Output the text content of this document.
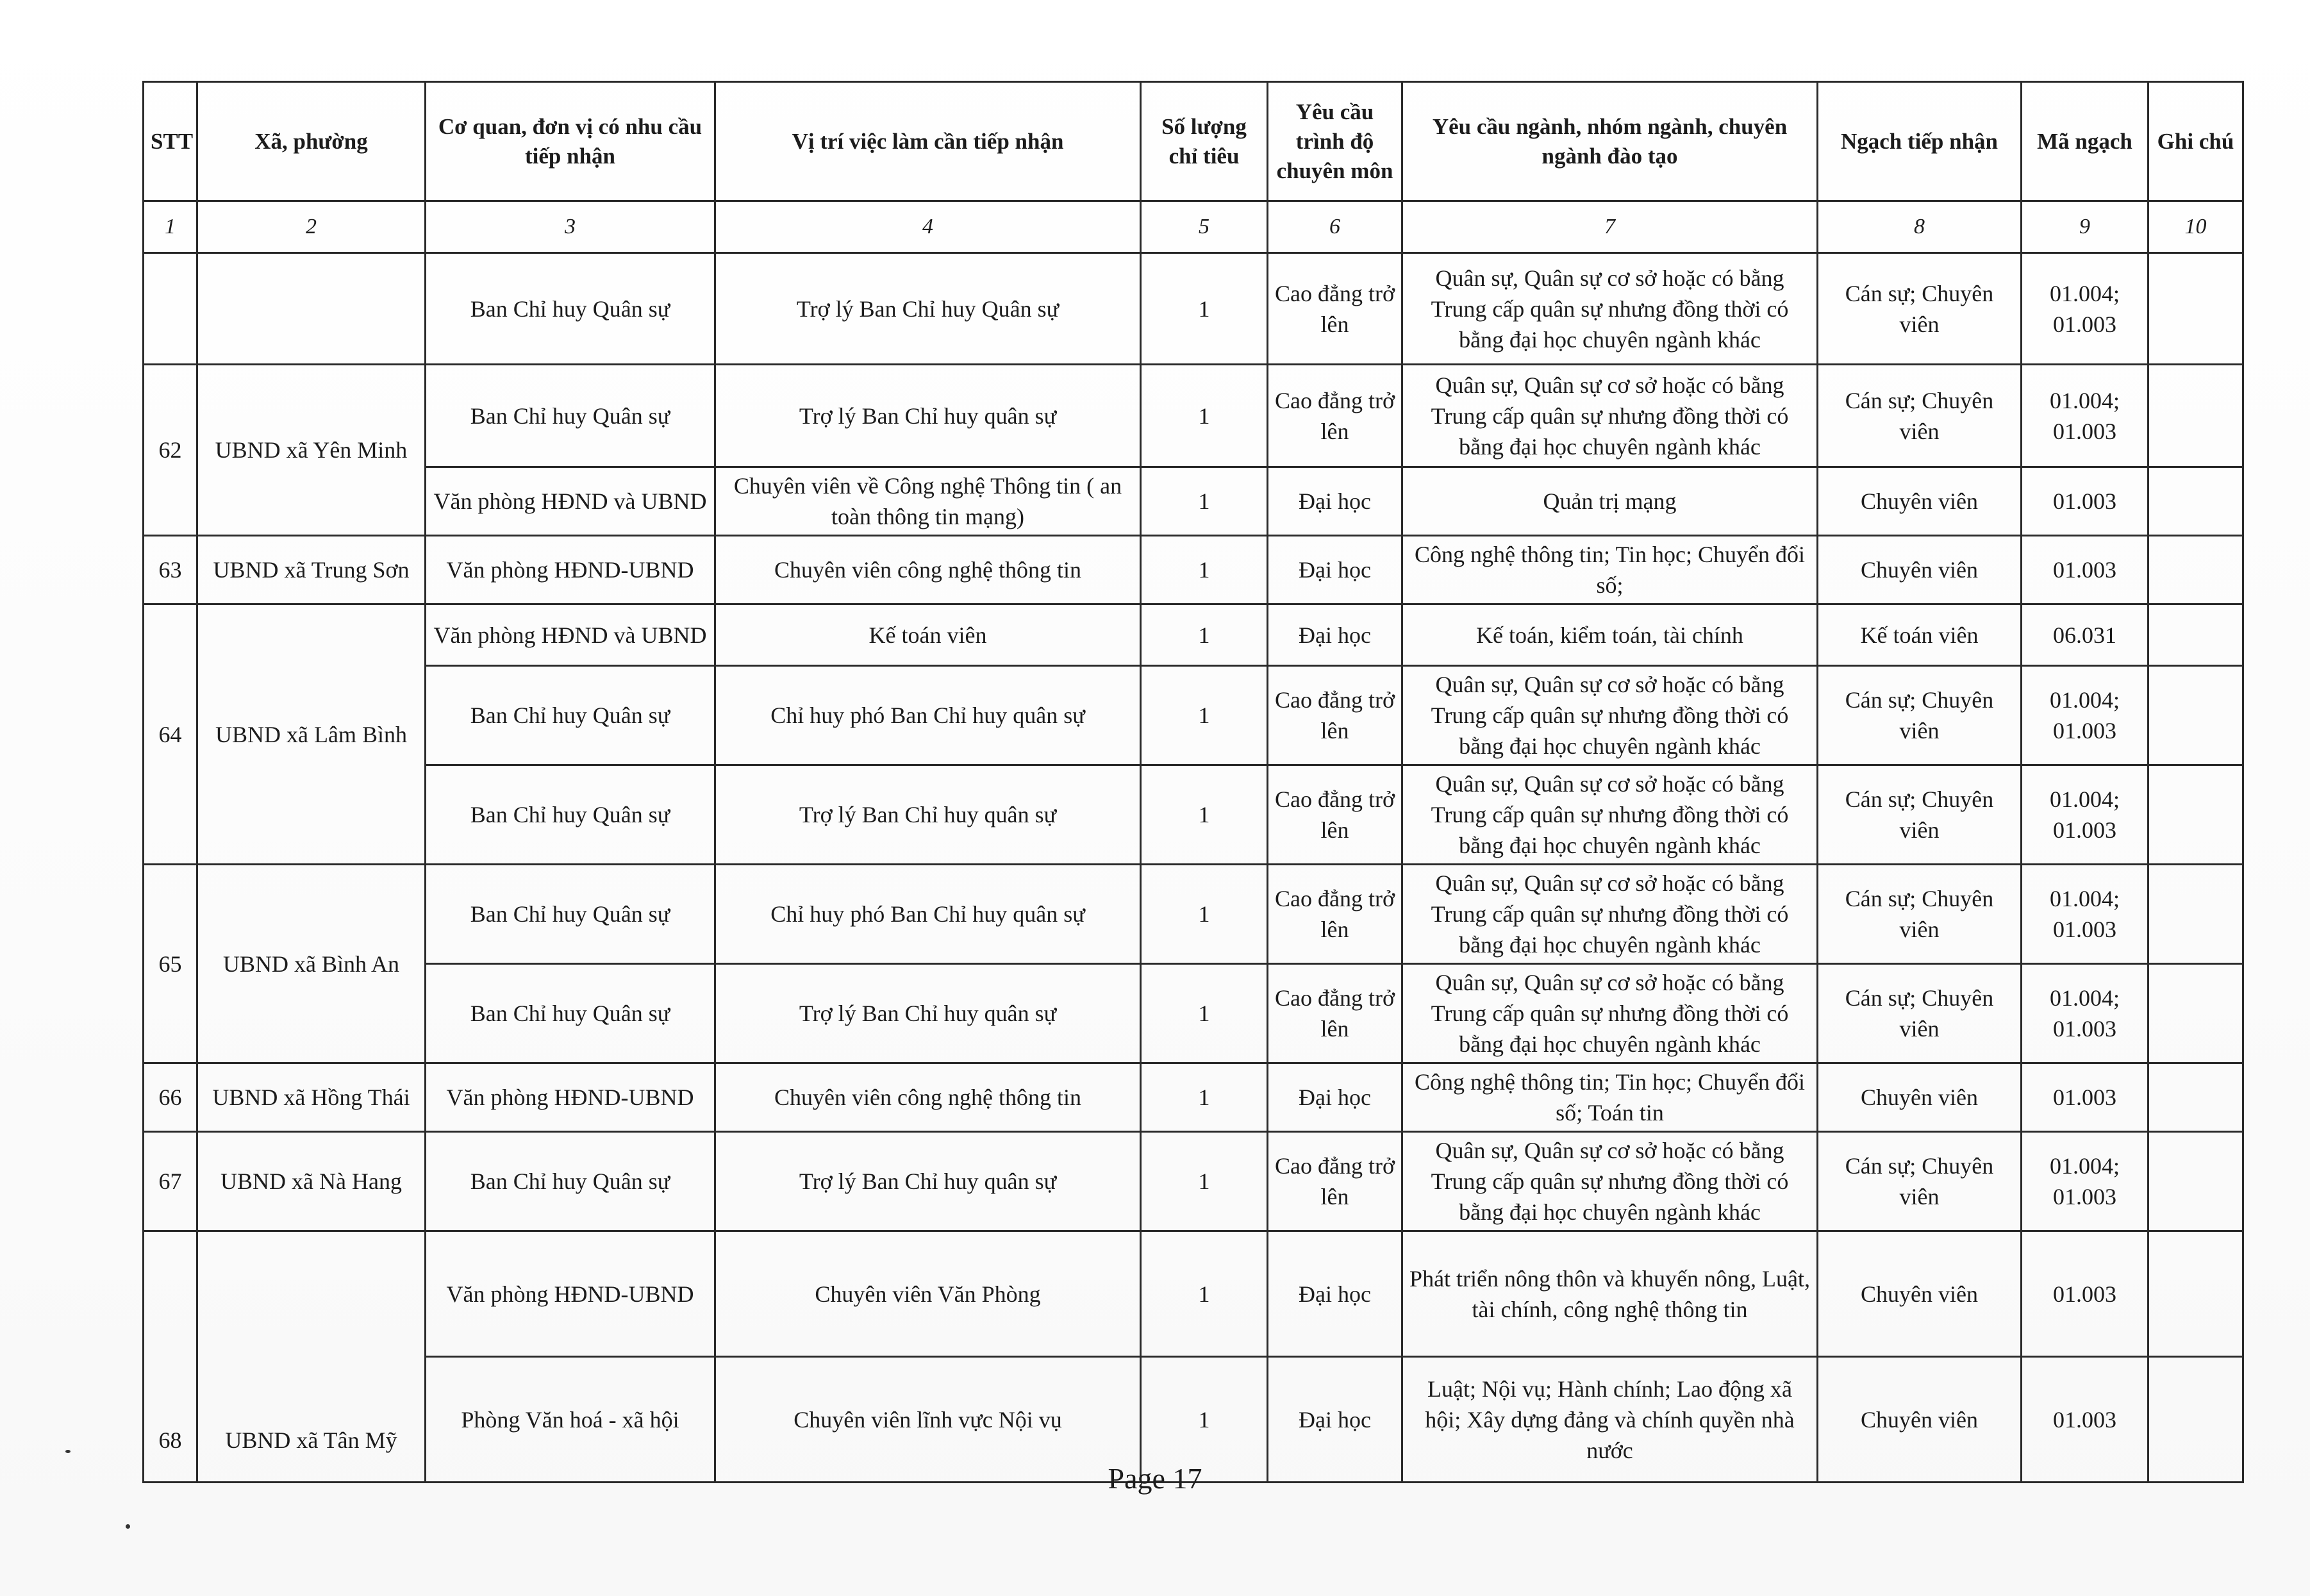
STT	Xã, phường	Cơ quan, đơn vị có nhu cầu tiếp nhận	Vị trí việc làm cần tiếp nhận	Số lượng chỉ tiêu	Yêu cầu trình độ chuyên môn	Yêu cầu ngành, nhóm ngành, chuyên ngành đào tạo	Ngạch tiếp nhận	Mã ngạch	Ghi chú
1	2	3	4	5	6	7	8	9	10
		Ban Chỉ huy Quân sự	Trợ lý Ban Chỉ huy Quân sự	1	Cao đẳng trở lên	Quân sự, Quân sự cơ sở hoặc có bằng Trung cấp quân sự nhưng đồng thời có bằng đại học chuyên ngành khác	Cán sự; Chuyên viên	01.004; 01.003	
62	UBND xã Yên Minh	Ban Chỉ huy Quân sự	Trợ lý Ban Chỉ huy quân sự	1	Cao đẳng trở lên	Quân sự, Quân sự cơ sở hoặc có bằng Trung cấp quân sự nhưng đồng thời có bằng đại học chuyên ngành khác	Cán sự; Chuyên viên	01.004; 01.003	
		Văn phòng HĐND và UBND	Chuyên viên về Công nghệ Thông tin ( an toàn thông tin mạng)	1	Đại học	Quản trị mạng	Chuyên viên	01.003	
63	UBND xã Trung Sơn	Văn phòng HĐND-UBND	Chuyên viên công nghệ thông tin	1	Đại học	Công nghệ thông tin; Tin học; Chuyển đổi số;	Chuyên viên	01.003	
64	UBND xã Lâm Bình	Văn phòng HĐND và UBND	Kế toán viên	1	Đại học	Kế toán, kiểm toán, tài chính	Kế toán viên	06.031	
		Ban Chỉ huy Quân sự	Chỉ huy phó Ban Chỉ huy quân sự	1	Cao đẳng trở lên	Quân sự, Quân sự cơ sở hoặc có bằng Trung cấp quân sự nhưng đồng thời có bằng đại học chuyên ngành khác	Cán sự; Chuyên viên	01.004; 01.003	
		Ban Chỉ huy Quân sự	Trợ lý Ban Chỉ huy quân sự	1	Cao đẳng trở lên	Quân sự, Quân sự cơ sở hoặc có bằng Trung cấp quân sự nhưng đồng thời có bằng đại học chuyên ngành khác	Cán sự; Chuyên viên	01.004; 01.003	
65	UBND xã Bình An	Ban Chỉ huy Quân sự	Chỉ huy phó Ban Chỉ huy quân sự	1	Cao đẳng trở lên	Quân sự, Quân sự cơ sở hoặc có bằng Trung cấp quân sự nhưng đồng thời có bằng đại học chuyên ngành khác	Cán sự; Chuyên viên	01.004; 01.003	
		Ban Chỉ huy Quân sự	Trợ lý Ban Chỉ huy quân sự	1	Cao đẳng trở lên	Quân sự, Quân sự cơ sở hoặc có bằng Trung cấp quân sự nhưng đồng thời có bằng đại học chuyên ngành khác	Cán sự; Chuyên viên	01.004; 01.003	
66	UBND xã Hồng Thái	Văn phòng HĐND-UBND	Chuyên viên công nghệ thông tin	1	Đại học	Công nghệ thông tin; Tin học; Chuyển đổi số; Toán tin	Chuyên viên	01.003	
67	UBND xã Nà Hang	Ban Chỉ huy Quân sự	Trợ lý Ban Chỉ huy quân sự	1	Cao đẳng trở lên	Quân sự, Quân sự cơ sở hoặc có bằng Trung cấp quân sự nhưng đồng thời có bằng đại học chuyên ngành khác	Cán sự; Chuyên viên	01.004; 01.003	
68	UBND xã Tân Mỹ	Văn phòng HĐND-UBND	Chuyên viên Văn Phòng	1	Đại học	Phát triển nông thôn và khuyến nông, Luật, tài chính, công nghệ thông tin	Chuyên viên	01.003	
		Phòng Văn hoá - xã hội	Chuyên viên lĩnh vực Nội vụ	1	Đại học	Luật; Nội vụ; Hành chính; Lao động xã hội; Xây dựng đảng và chính quyền nhà nước	Chuyên viên	01.003	
Page 17
